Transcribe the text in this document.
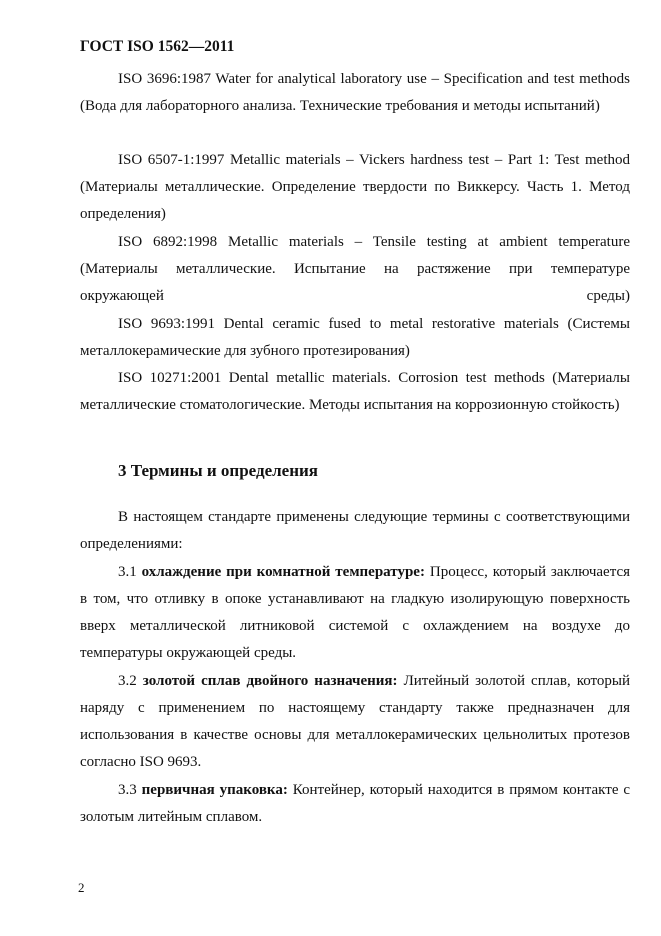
ГОСТ ISO 1562—2011
ISO 3696:1987 Water for analytical laboratory use – Specification and test methods (Вода для лабораторного анализа. Технические требования и методы испытаний)
ISO 6507-1:1997 Metallic materials – Vickers hardness test – Part 1: Test method (Материалы металлические. Определение твердости по Виккерсу. Часть 1. Метод определения)
ISO 6892:1998 Metallic materials – Tensile testing at ambient temperature (Материалы металлические. Испытание на растяжение при температуре окружающей среды)
ISO 9693:1991 Dental ceramic fused to metal restorative materials (Системы металлокерамические для зубного протезирования)
ISO 10271:2001 Dental metallic materials. Corrosion test methods (Материалы металлические стоматологические. Методы испытания на коррозионную стойкость)
3 Термины и определения
В настоящем стандарте применены следующие термины с соответствующими определениями:
3.1 охлаждение при комнатной температуре: Процесс, который заключается в том, что отливку в опоке устанавливают на гладкую изолирующую поверхность вверх металлической литниковой системой с охлаждением на воздухе до температуры окружающей среды.
3.2 золотой сплав двойного назначения: Литейный золотой сплав, который наряду с применением по настоящему стандарту также предназначен для использования в качестве основы для металлокерамических цельнолитых протезов согласно ISO 9693.
3.3 первичная упаковка: Контейнер, который находится в прямом контакте с золотым литейным сплавом.
2
